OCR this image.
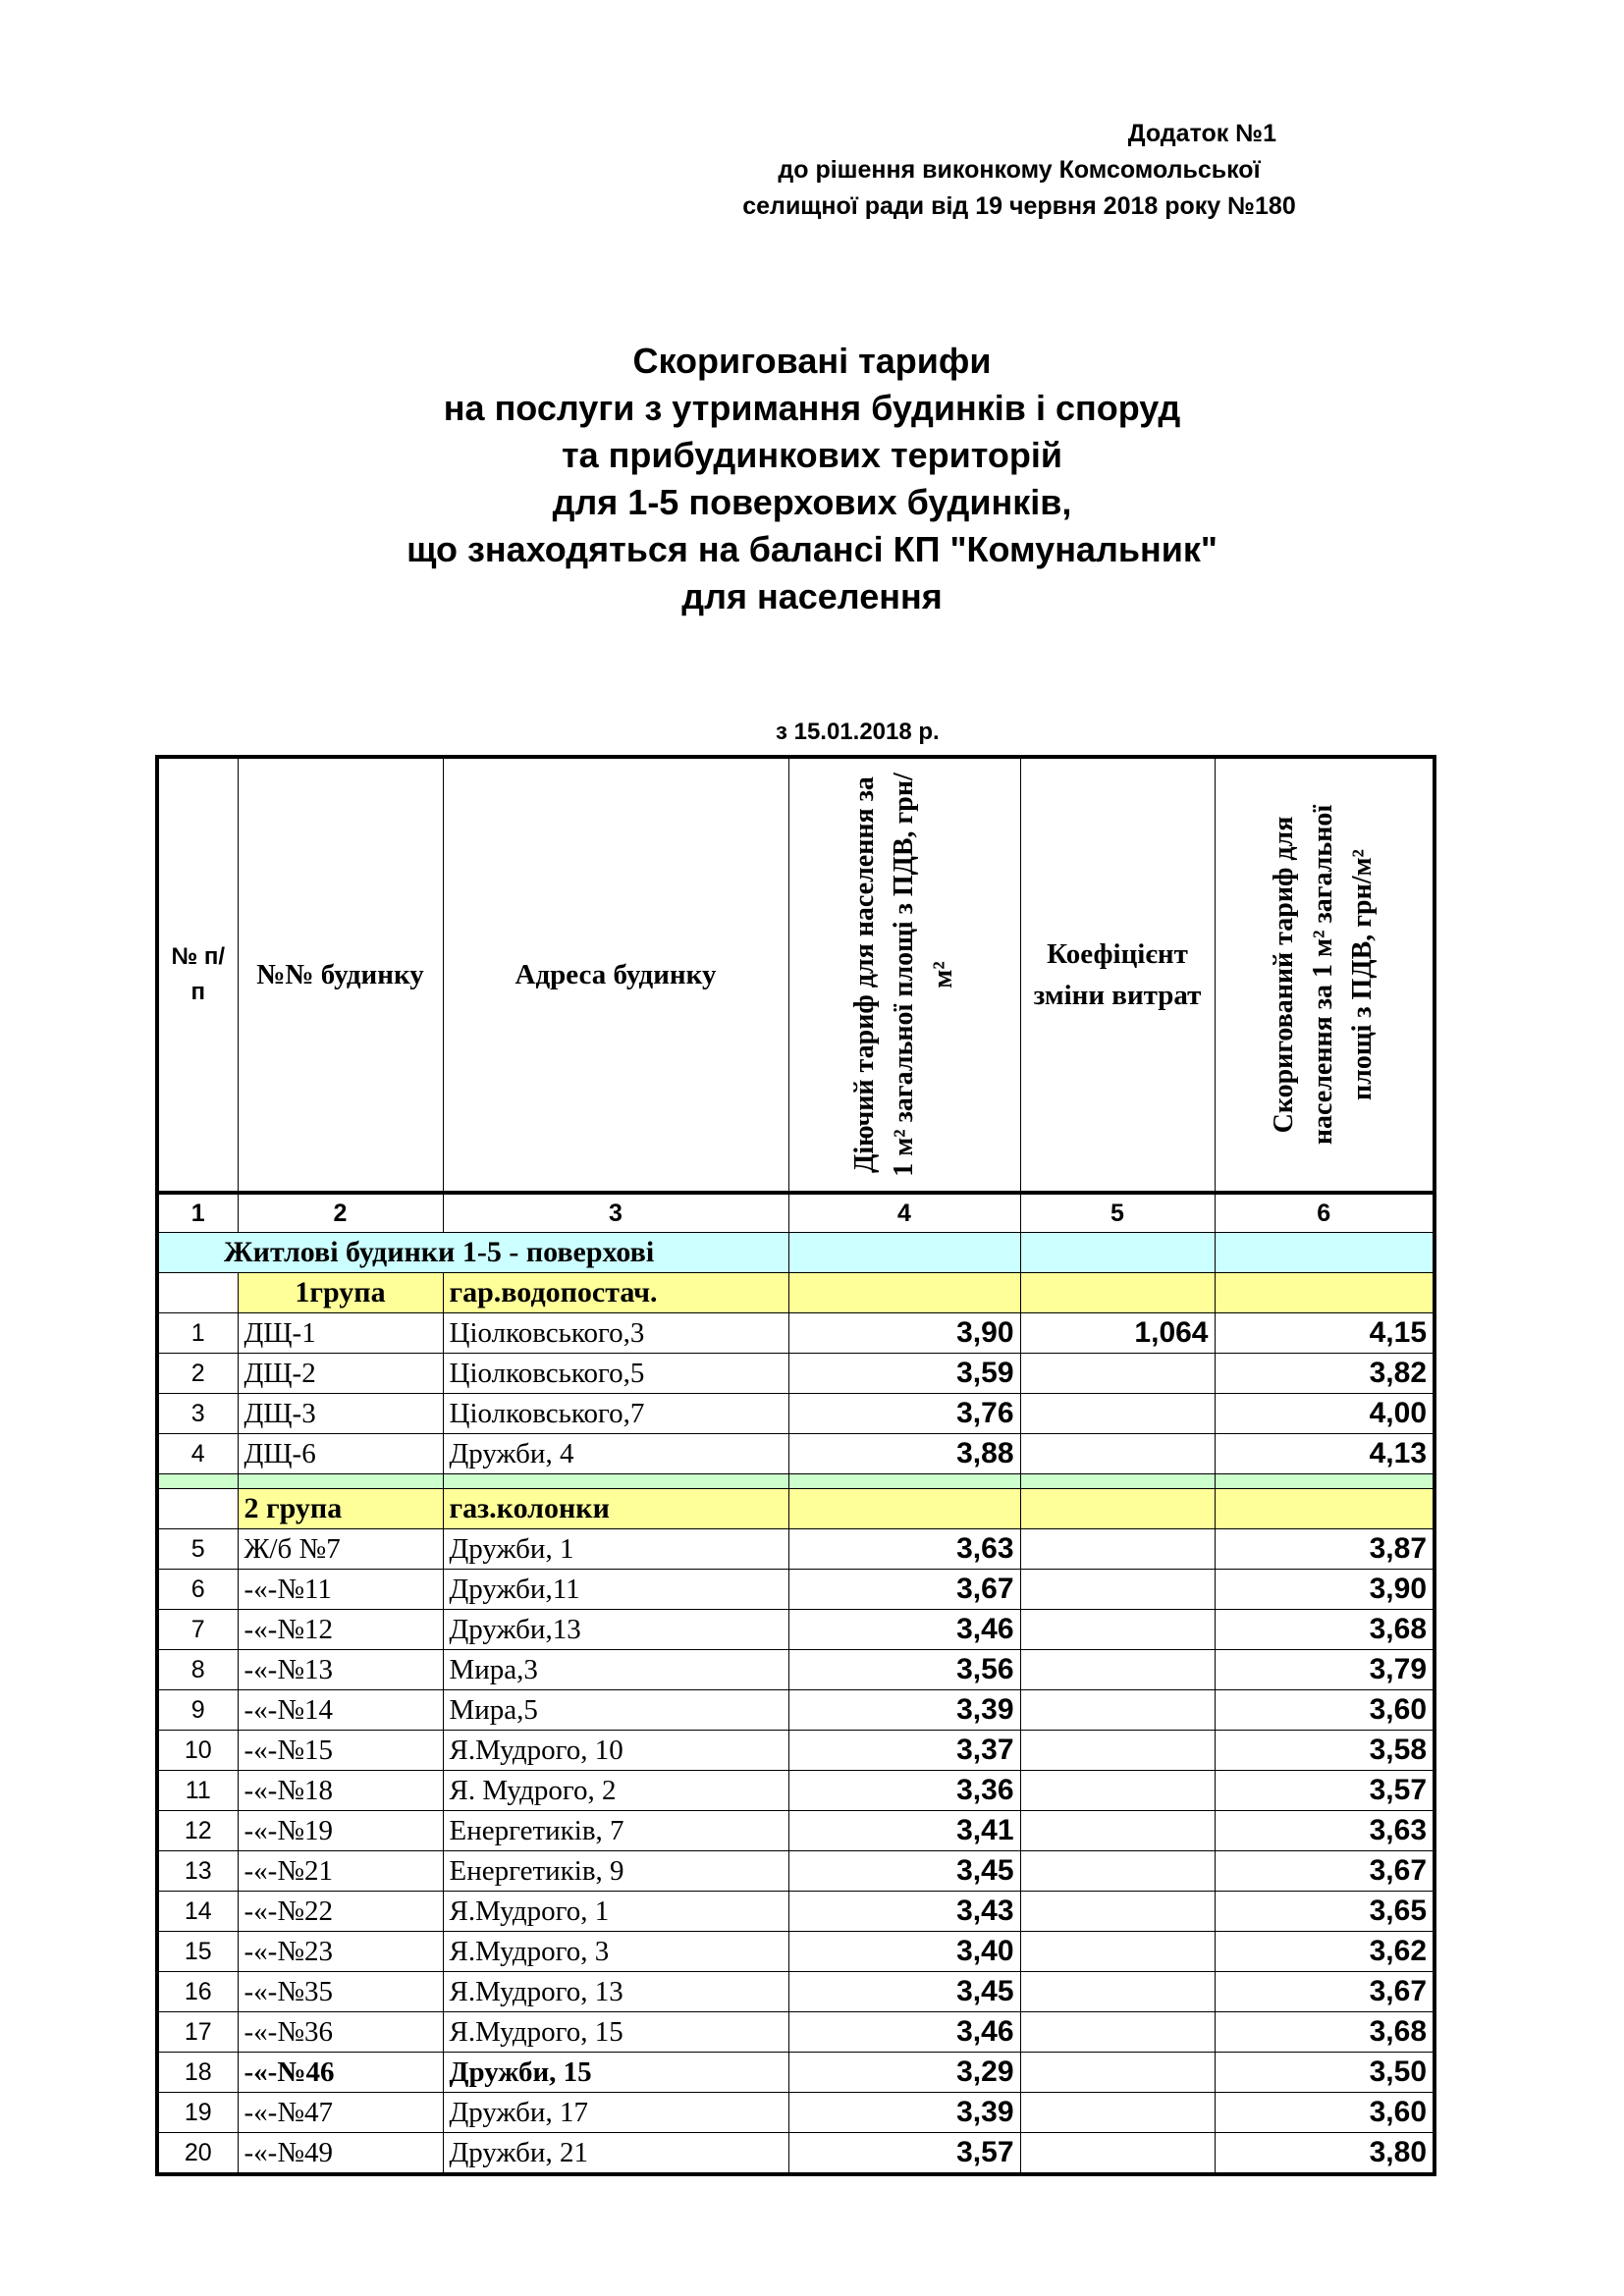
Додаток №1
до рішення виконкому Комсомольської
селищної ради від 19 червня 2018 року №180
Скориговані тарифи
на послуги з утримання будинків і споруд
та прибудинкових територій
для 1-5 поверхових будинків,
що знаходяться на балансі КП "Комунальник"
для населення
з 15.01.2018 р.
№ п/ п	№№ будинку	Адреса будинку	Діючий тариф для населення за 1 м² загальної площі з ПДВ, грн/м²	Коефіцієнт зміни витрат	Скоригований тариф для населення за 1 м² загальної площі з ПДВ, грн/м²

1	2	3	4	5	6
Житлові будинки 1-5 - поверхові					
	1група	гар.водопостач.			
1	ДЩ-1	Ціолковського,3	3,90	1,064	4,15
2	ДЩ-2	Ціолковського,5	3,59		3,82
3	ДЩ-3	Ціолковського,7	3,76		4,00
4	ДЩ-6	Дружби, 4	3,88		4,13

	2 група	газ.колонки			
5	Ж/б №7	Дружби, 1	3,63		3,87
6	-«-№11	Дружби,11	3,67		3,90
7	-«-№12	Дружби,13	3,46		3,68
8	-«-№13	Мира,3	3,56		3,79
9	-«-№14	Мира,5	3,39		3,60
10	-«-№15	Я.Мудрого, 10	3,37		3,58
11	-«-№18	Я. Мудрого, 2	3,36		3,57
12	-«-№19	Енергетиків, 7	3,41		3,63
13	-«-№21	Енергетиків, 9	3,45		3,67
14	-«-№22	Я.Мудрого, 1	3,43		3,65
15	-«-№23	Я.Мудрого, 3	3,40		3,62
16	-«-№35	Я.Мудрого, 13	3,45		3,67
17	-«-№36	Я.Мудрого, 15	3,46		3,68
18	-«-№46	Дружби, 15	3,29		3,50
19	-«-№47	Дружби, 17	3,39		3,60
20	-«-№49	Дружби, 21	3,57		3,80
